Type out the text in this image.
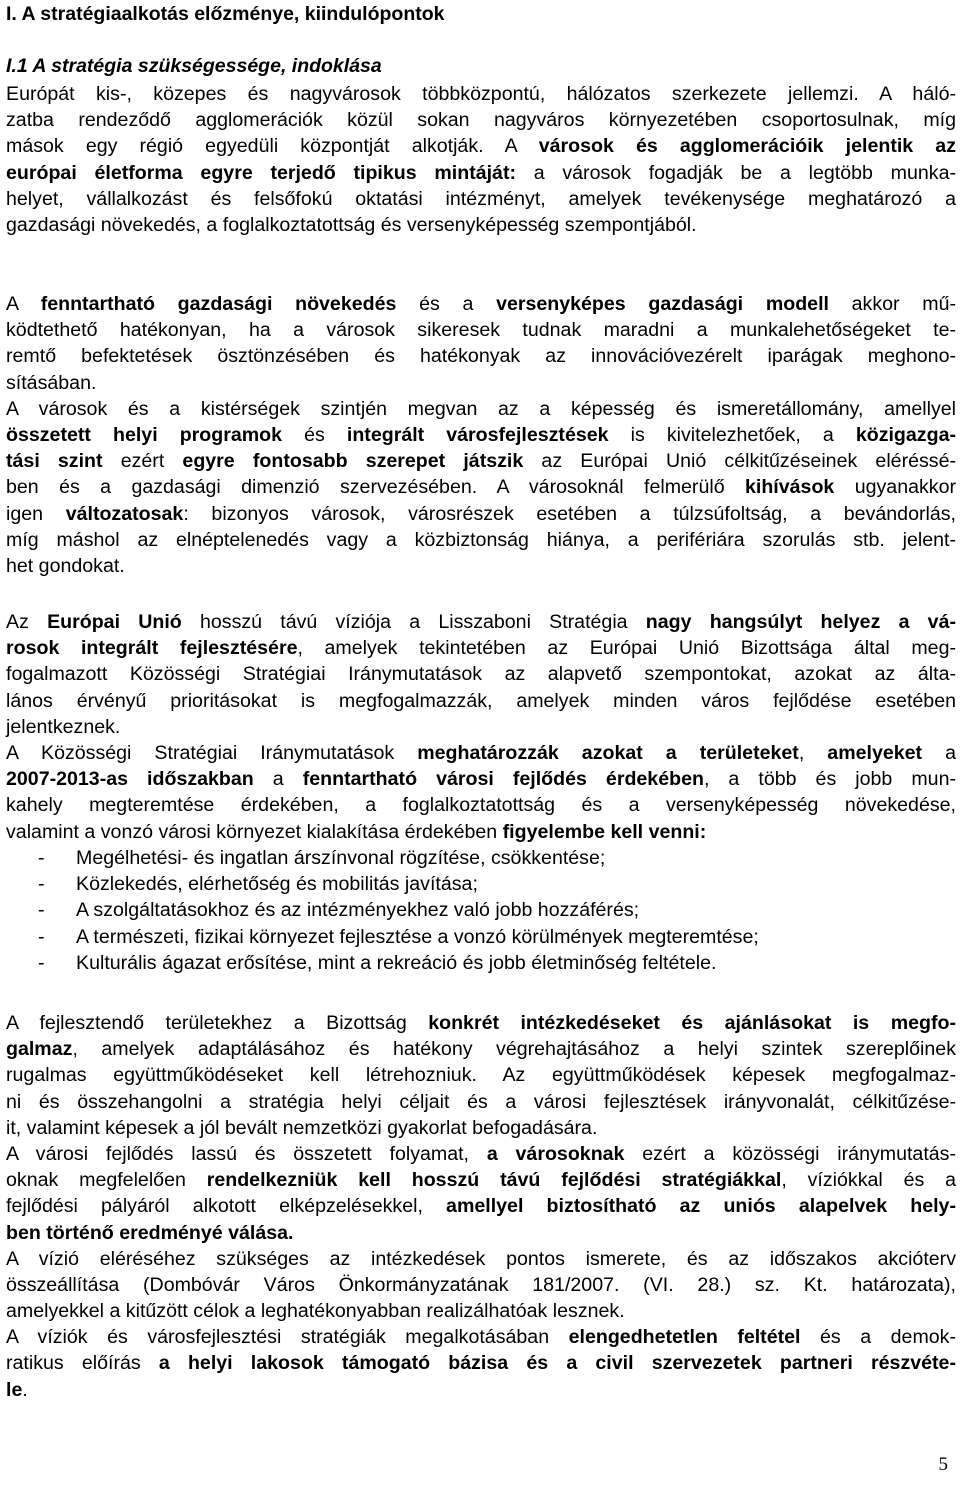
I. A stratégiaalkotás előzménye, kiindulópontok
I.1 A stratégia szükségessége, indoklása
Európát kis-, közepes és nagyvárosok többközpontú, hálózatos szerkezete jellemzi. A háló-
zatba rendeződő agglomerációk közül sokan nagyváros környezetében csoportosulnak, míg
mások egy régió egyedüli központját alkotják. A városok és agglomerációik jelentik az
európai életforma egyre terjedő tipikus mintáját: a városok fogadják be a legtöbb munka-
helyet, vállalkozást és felsőfokú oktatási intézményt, amelyek tevékenysége meghatározó a
gazdasági növekedés, a foglalkoztatottság és versenyképesség szempontjából.
A fenntartható gazdasági növekedés és a versenyképes gazdasági modell akkor mű-
ködtethető hatékonyan, ha a városok sikeresek tudnak maradni a munkalehetőségeket te-
remtő befektetések ösztönzésében és hatékonyak az innovációvezérelt iparágak meghono-
sításában.
A városok és a kistérségek szintjén megvan az a képesség és ismeretállomány, amellyel
összetett helyi programok és integrált városfejlesztések is kivitelezhetőek, a közigazga-
tási szint ezért egyre fontosabb szerepet játszik az Európai Unió célkitűzéseinek eléréssé-
ben és a gazdasági dimenzió szervezésében. A városoknál felmerülő kihívások ugyanakkor
igen változatosak: bizonyos városok, városrészek esetében a túlzsúfoltság, a bevándorlás,
míg máshol az elnéptelenedés vagy a közbiztonság hiánya, a perifériára szorulás stb. jelent-
het gondokat.
Az Európai Unió hosszú távú víziója a Lisszaboni Stratégia nagy hangsúlyt helyez a vá-
rosok integrált fejlesztésére, amelyek tekintetében az Európai Unió Bizottsága által meg-
fogalmazott Közösségi Stratégiai Iránymutatások az alapvető szempontokat, azokat az álta-
lános érvényű prioritásokat is megfogalmazzák, amelyek minden város fejlődése esetében
jelentkeznek.
A Közösségi Stratégiai Iránymutatások meghatározzák azokat a területeket, amelyeket a
2007-2013-as időszakban a fenntartható városi fejlődés érdekében, a több és jobb mun-
kahely megteremtése érdekében, a foglalkoztatottság és a versenyképesség növekedése,
valamint a vonzó városi környezet kialakítása érdekében figyelembe kell venni:
- Megélhetési- és ingatlan árszínvonal rögzítése, csökkentése;
- Közlekedés, elérhetőség és mobilitás javítása;
- A szolgáltatásokhoz és az intézményekhez való jobb hozzáférés;
- A természeti, fizikai környezet fejlesztése a vonzó körülmények megteremtése;
- Kulturális ágazat erősítése, mint a rekreáció és jobb életminőség feltétele.
A fejlesztendő területekhez a Bizottság konkrét intézkedéseket és ajánlásokat is megfo-
galmaz, amelyek adaptálásához és hatékony végrehajtásához a helyi szintek szereplőinek
rugalmas együttműködéseket kell létrehozniuk. Az együttműködések képesek megfogalmaz-
ni és összehangolni a stratégia helyi céljait és a városi fejlesztések irányvonalát, célkitűzése-
it, valamint képesek a jól bevált nemzetközi gyakorlat befogadására.
A városi fejlődés lassú és összetett folyamat, a városoknak ezért a közösségi iránymutatás-
oknak megfelelően rendelkezniük kell hosszú távú fejlődési stratégiákkal, víziókkal és a
fejlődési pályáról alkotott elképzelésekkel, amellyel biztosítható az uniós alapelvek hely-
ben történő eredményé válása.
A vízió eléréséhez szükséges az intézkedések pontos ismerete, és az időszakos akcióterv
összeállítása (Dombóvár Város Önkormányzatának 181/2007. (VI. 28.) sz. Kt. határozata),
amelyekkel a kitűzött célok a leghatékonyabban realizálhatóak lesznek.
A víziók és városfejlesztési stratégiák megalkotásában elengedhetetlen feltétel és a demok-
ratikus előírás a helyi lakosok támogató bázisa és a civil szervezetek partneri részvéte-
le.
5
